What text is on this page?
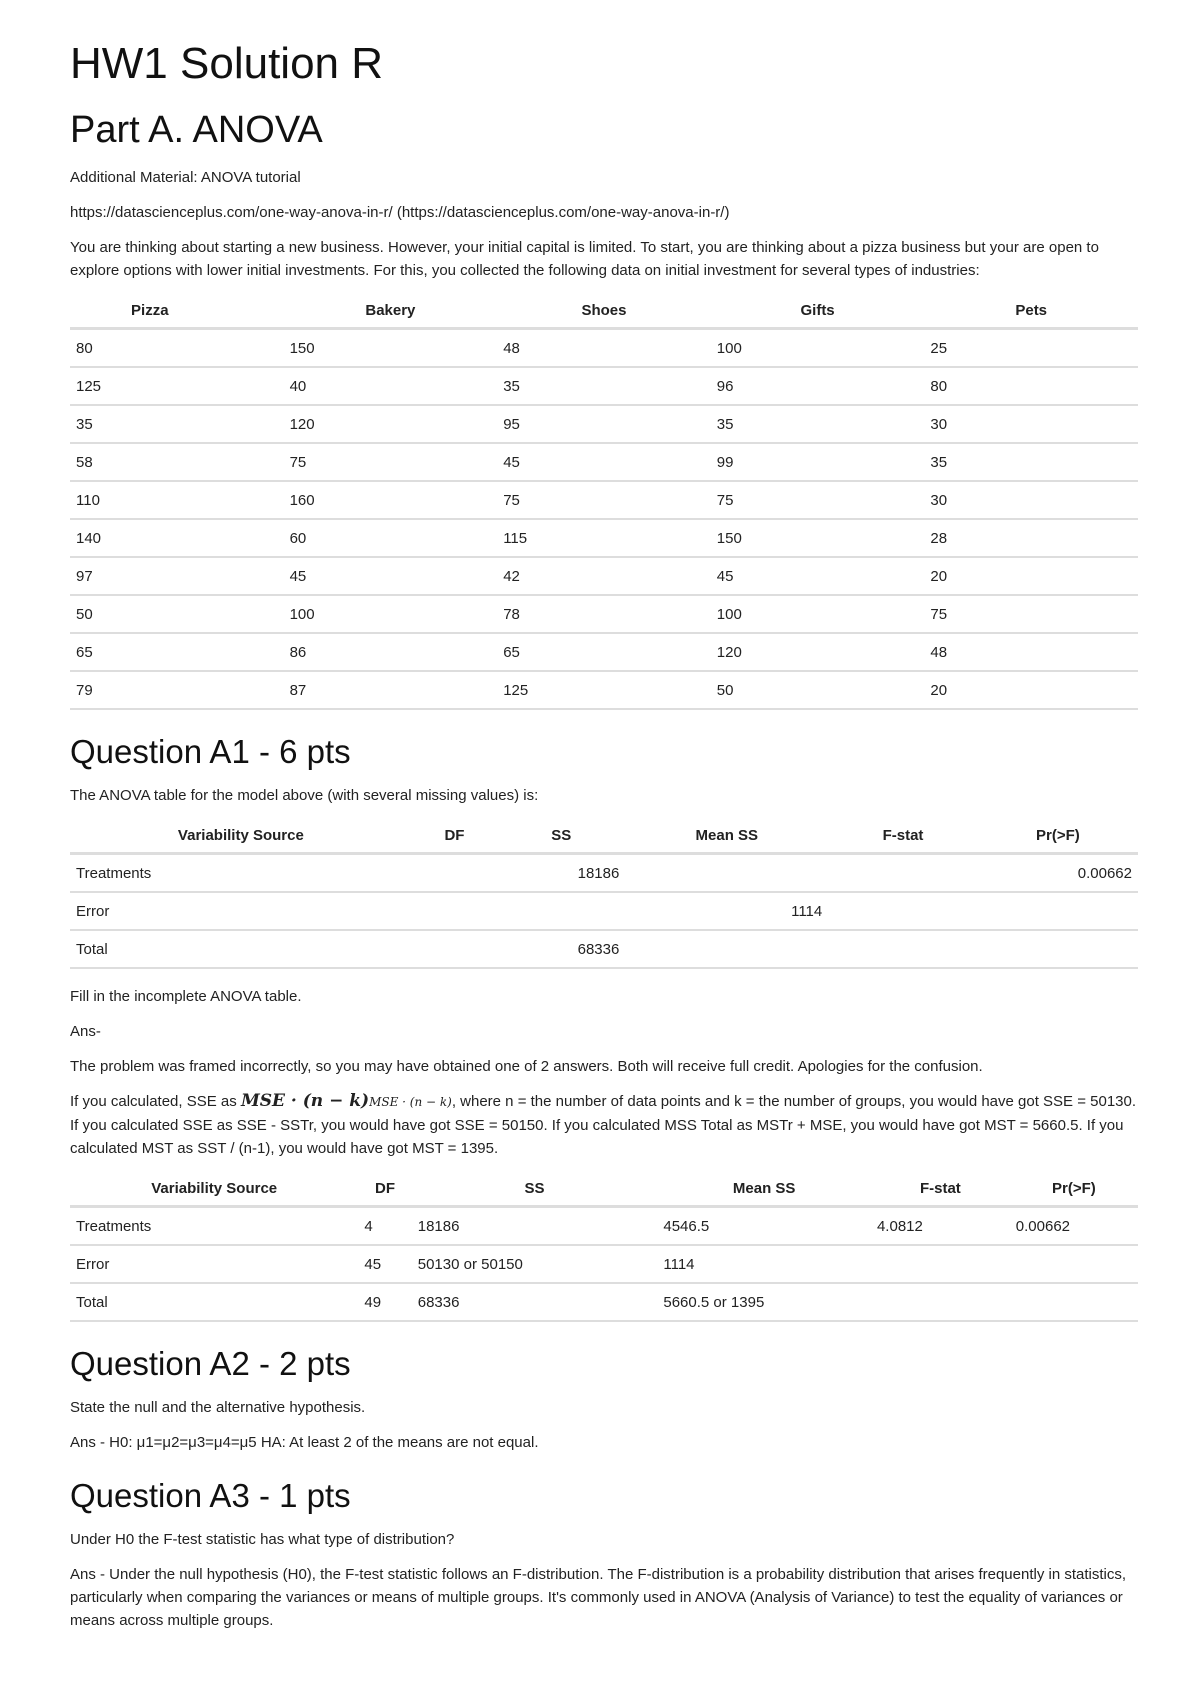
HW1 Solution R
Part A. ANOVA

Additional Material: ANOVA tutorial

https://datascienceplus.com/one-way-anova-in-r/ (https://datascienceplus.com/one-way-anova-in-r/)

You are thinking about starting a new business. However, your initial capital is limited. To start, you are thinking about a pizza business but your are open to explore options with lower initial investments. For this, you collected the following data on initial investment for several types of industries:

Pizza	Bakery	Shoes	Gifts	Pets
80	150	48	100	25
125	40	35	96	80
35	120	95	35	30
58	75	45	99	35
110	160	75	75	30
140	60	115	150	28
97	45	42	45	20
50	100	78	100	75
65	86	65	120	48
79	87	125	50	20
Question A1 - 6 pts

The ANOVA table for the model above (with several missing values) is:

Variability Source	DF	SS	Mean SS	F-stat	Pr(>F)
Treatments		18186			0.00662
Error			1114		
Total		68336			

Fill in the incomplete ANOVA table.

Ans-

The problem was framed incorrectly, so you may have obtained one of 2 answers. Both will receive full credit. Apologies for the confusion.

If you calculated, SSE as MSE · (n − k)MSE · (n − k), where n = the number of data points and k = the number of groups, you would have got SSE = 50130. If you calculated SSE as SSE - SSTr, you would have got SSE = 50150. If you calculated MSS Total as MSTr + MSE, you would have got MST = 5660.5. If you calculated MST as SST / (n-1), you would have got MST = 1395.

Variability Source	DF	SS	Mean SS	F-stat	Pr(>F)
Treatments	4	18186	4546.5	4.0812	0.00662
Error	45	50130 or 50150	1114		
Total	49	68336	5660.5 or 1395		
Question A2 - 2 pts

State the null and the alternative hypothesis.

Ans - H0: μ1=μ2=μ3=μ4=μ5 HA: At least 2 of the means are not equal.

Question A3 - 1 pts

Under H0 the F-test statistic has what type of distribution?

Ans - Under the null hypothesis (H0), the F-test statistic follows an F-distribution. The F-distribution is a probability distribution that arises frequently in statistics, particularly when comparing the variances or means of multiple groups. It's commonly used in ANOVA (Analysis of Variance) to test the equality of variances or means across multiple groups.
